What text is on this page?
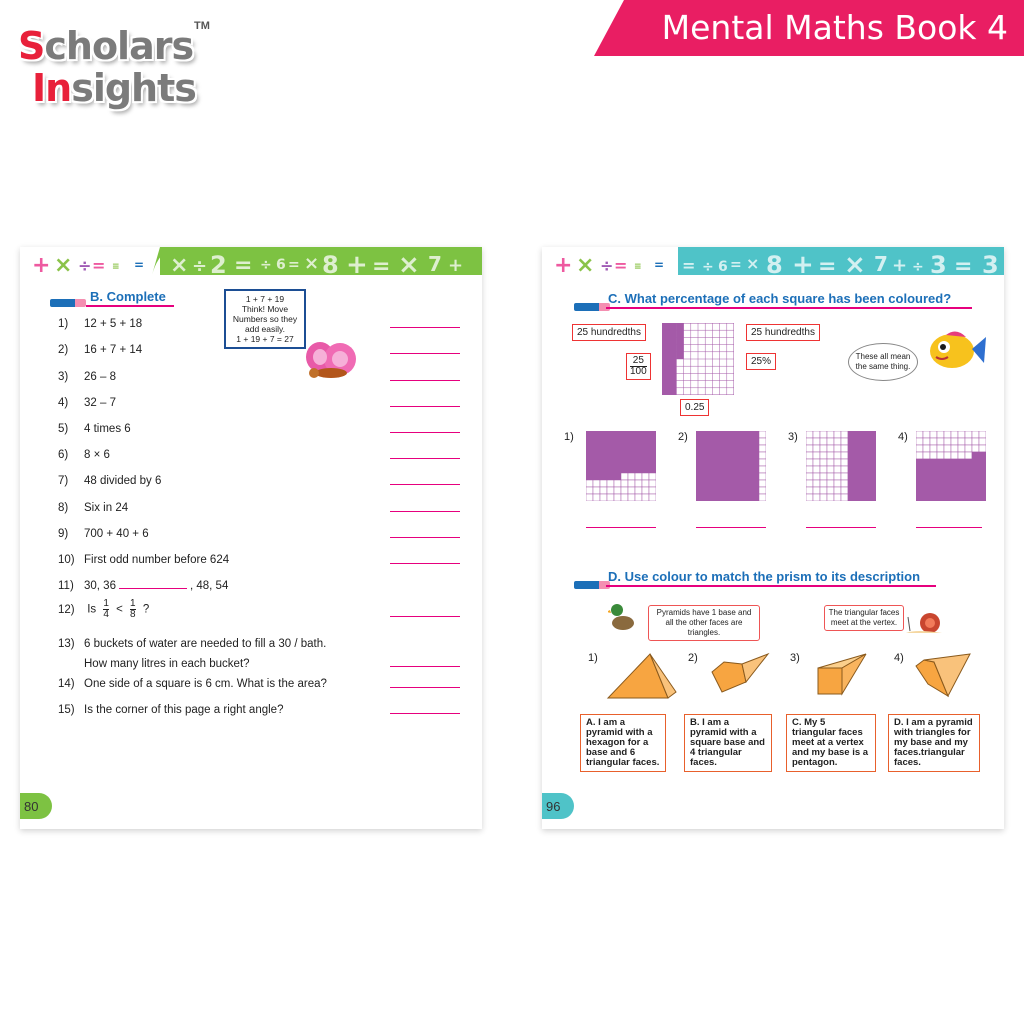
Scholars
Insights
TM	Mental Maths Book 4
× ÷ 2 = ÷ 6 = × 8 + = × 7 +
+ × ÷ = ≡ =
B. Complete	1 + 7 + 19
Think! Move
Numbers so they
add easily.
1 + 19 + 7 = 27
1) 12 + 5 + 18
2) 16 + 7 + 14
3) 26 – 8
4) 32 – 7
5) 4 times 6
6) 8 × 6
7) 48 divided by 6
8) Six in 24
9) 700 + 40 + 6
10) First odd number before 624
11) 30, 36	, 48, 54
12) Is $\frac{1}{4} < \frac{1}{8}$ ?
13) 6 buckets of water are needed to fill a 30 / bath.
How many litres in each bucket?
14) One side of a square is 6 cm. What is the area?
15) Is the corner of this page a right angle?
80
= ÷ 6 = × 8 + = × 7 + ÷ 3 = 3
+ × ÷ = ≡ =
C. What percentage of each square has been coloured?
25 hundredths	25 hundredths
$\frac{25}{100}$	25%
0.25
These all mean the same thing.
1)	2)	3)	4)
D. Use colour to match the prism to its description
Pyramids have 1 base and all the other faces are triangles.
The triangular faces meet at the vertex.
1)	2)	3)	4)
A. I am a pyramid with a hexagon for a base and 6 triangular faces.
B. I am a pyramid with a square base and 4 triangular faces.
C. My 5 triangular faces meet at a vertex and my base is a pentagon.
D. I am a pyramid with triangles for my base and my faces.triangular faces.
96
